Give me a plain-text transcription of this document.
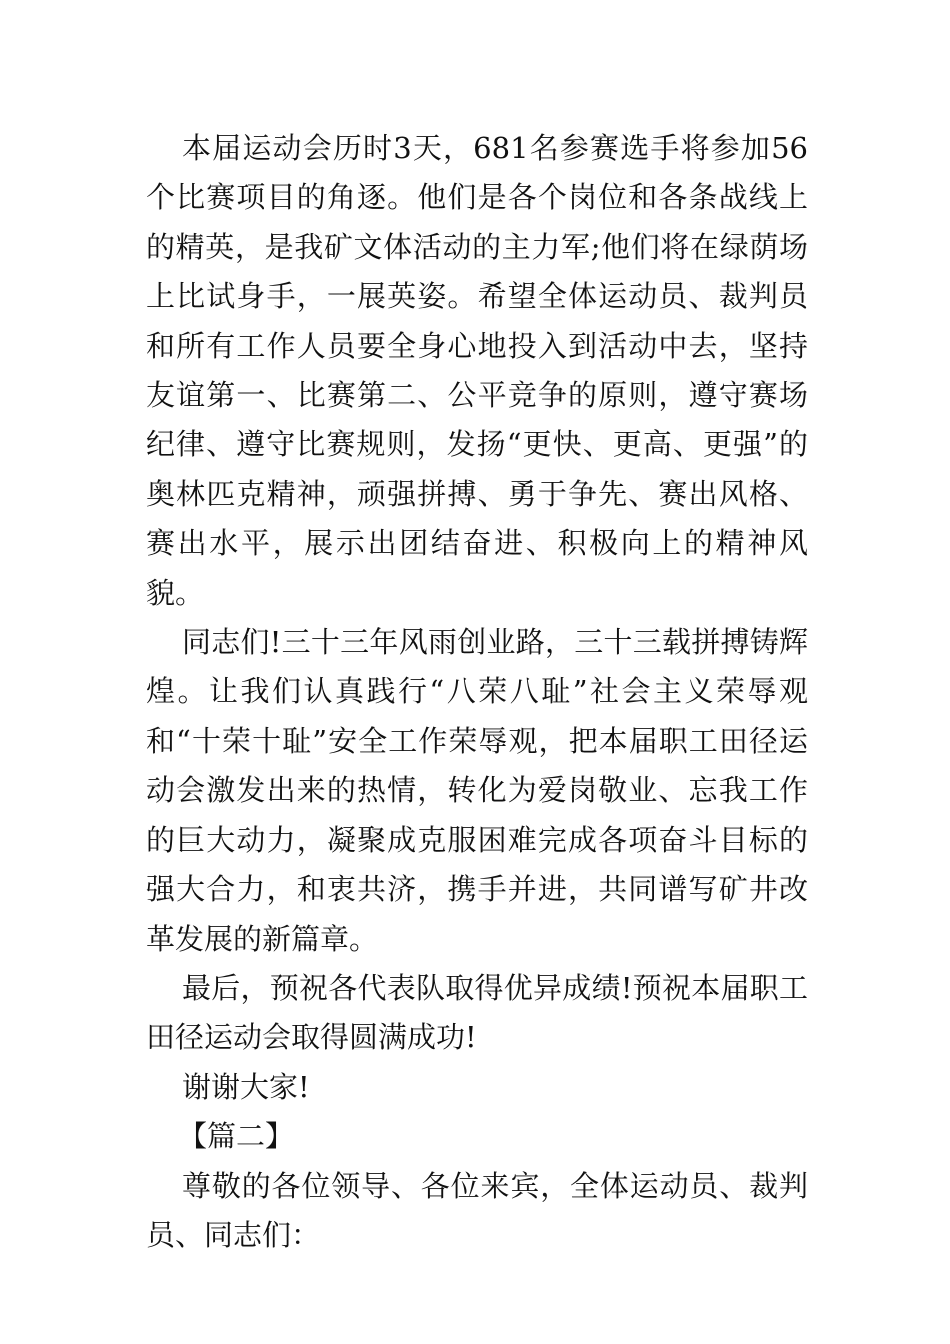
本届运动会历时3天，681名参赛选手将参加56个比赛项目的角逐。他们是各个岗位和各条战线上的精英，是我矿文体活动的主力军;他们将在绿荫场上比试身手，一展英姿。希望全体运动员、裁判员和所有工作人员要全身心地投入到活动中去，坚持友谊第一、比赛第二、公平竞争的原则，遵守赛场纪律、遵守比赛规则，发扬“更快、更高、更强”的奥林匹克精神，顽强拼搏、勇于争先、赛出风格、赛出水平，展示出团结奋进、积极向上的精神风貌。

同志们!三十三年风雨创业路，三十三载拼搏铸辉煌。让我们认真践行“八荣八耻”社会主义荣辱观和“十荣十耻”安全工作荣辱观，把本届职工田径运动会激发出来的热情，转化为爱岗敬业、忘我工作的巨大动力，凝聚成克服困难完成各项奋斗目标的强大合力，和衷共济，携手并进，共同谱写矿井改革发展的新篇章。

最后，预祝各代表队取得优异成绩!预祝本届职工田径运动会取得圆满成功!

谢谢大家!

【篇二】

尊敬的各位领导、各位来宾，全体运动员、裁判员、同志们：
